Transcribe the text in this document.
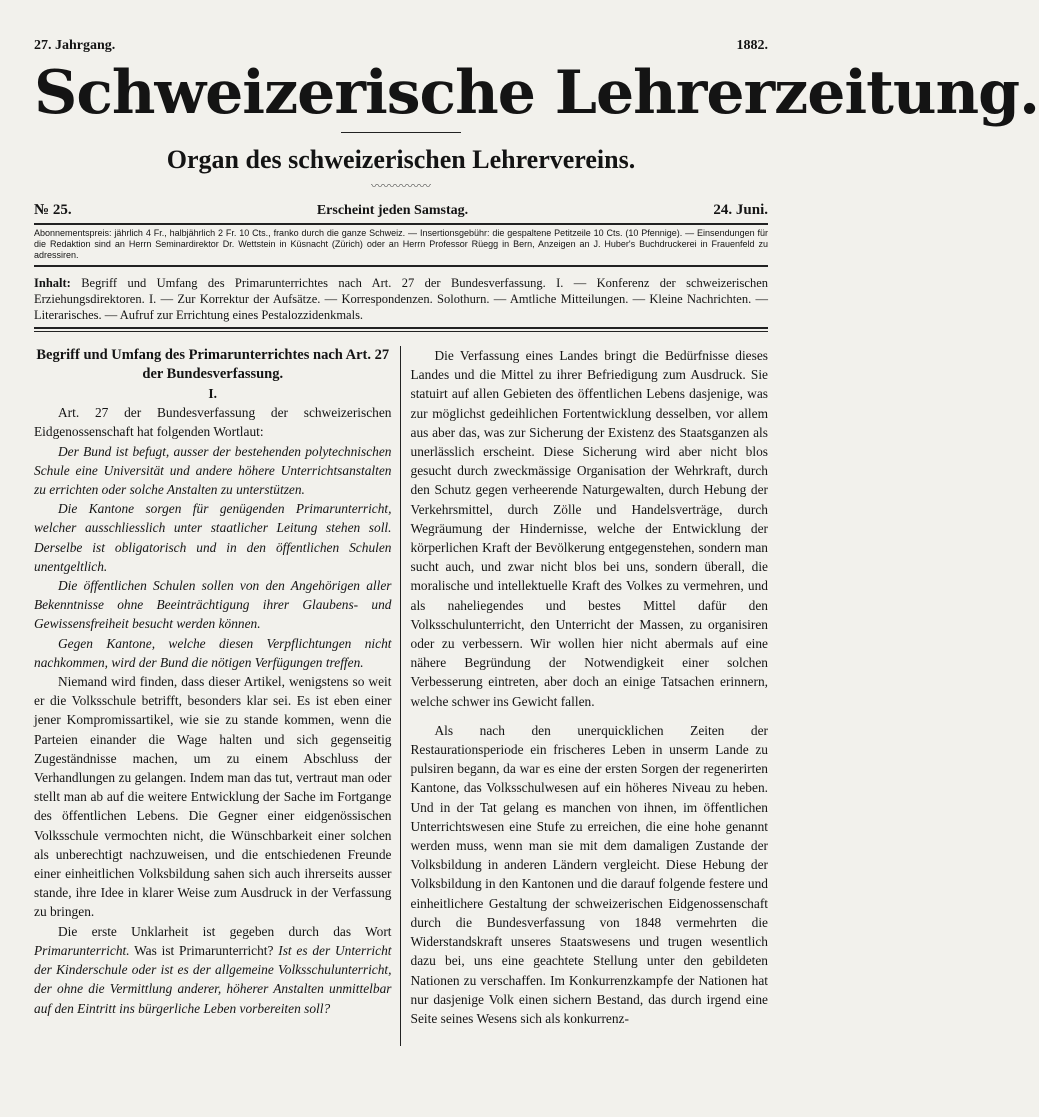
27. Jahrgang.	1882.
Schweizerische Lehrerzeitung.
Organ des schweizerischen Lehrervereins.
〰〰〰〰〰
№ 25.	Erscheint jeden Samstag.	24. Juni.
Abonnementspreis: jährlich 4 Fr., halbjährlich 2 Fr. 10 Cts., franko durch die ganze Schweiz. — Insertionsgebühr: die gespaltene Petitzeile 10 Cts. (10 Pfennige). — Einsendungen für die Redaktion sind an Herrn Seminardirektor Dr. Wettstein in Küsnacht (Zürich) oder an Herrn Professor Rüegg in Bern, Anzeigen an J. Huber's Buchdruckerei in Frauenfeld zu adressiren.
Inhalt: Begriff und Umfang des Primarunterrichtes nach Art. 27 der Bundesverfassung. I. — Konferenz der schweizerischen Erziehungsdirektoren. I. — Zur Korrektur der Aufsätze. — Korrespondenzen. Solothurn. — Amtliche Mitteilungen. — Kleine Nachrichten. — Literarisches. — Aufruf zur Errichtung eines Pestalozzidenkmals.
Begriff und Umfang des Primarunterrichtes nach Art. 27 der Bundesverfassung.
I.

Art. 27 der Bundesverfassung der schweizerischen Eidgenossenschaft hat folgenden Wortlaut:

Der Bund ist befugt, ausser der bestehenden polytechnischen Schule eine Universität und andere höhere Unterrichtsanstalten zu errichten oder solche Anstalten zu unterstützen.

Die Kantone sorgen für genügenden Primarunterricht, welcher ausschliesslich unter staatlicher Leitung stehen soll. Derselbe ist obligatorisch und in den öffentlichen Schulen unentgeltlich.

Die öffentlichen Schulen sollen von den Angehörigen aller Bekenntnisse ohne Beeinträchtigung ihrer Glaubens- und Gewissensfreiheit besucht werden können.

Gegen Kantone, welche diesen Verpflichtungen nicht nachkommen, wird der Bund die nötigen Verfügungen treffen.

Niemand wird finden, dass dieser Artikel, wenigstens so weit er die Volksschule betrifft, besonders klar sei. Es ist eben einer jener Kompromissartikel, wie sie zu stande kommen, wenn die Parteien einander die Wage halten und sich gegenseitig Zugeständnisse machen, um zu einem Abschluss der Verhandlungen zu gelangen. Indem man das tut, vertraut man oder stellt man ab auf die weitere Entwicklung der Sache im Fortgange des öffentlichen Lebens. Die Gegner einer eidgenössischen Volksschule vermochten nicht, die Wünschbarkeit einer solchen als unberechtigt nachzuweisen, und die entschiedenen Freunde einer einheitlichen Volksbildung sahen sich auch ihrerseits ausser stande, ihre Idee in klarer Weise zum Ausdruck in der Verfassung zu bringen.

Die erste Unklarheit ist gegeben durch das Wort Primarunterricht. Was ist Primarunterricht? Ist es der Unterricht der Kinderschule oder ist es der allgemeine Volksschulunterricht, der ohne die Vermittlung anderer, höherer Anstalten unmittelbar auf den Eintritt ins bürgerliche Leben vorbereiten soll?

Die Verfassung eines Landes bringt die Bedürfnisse dieses Landes und die Mittel zu ihrer Befriedigung zum Ausdruck. Sie statuirt auf allen Gebieten des öffentlichen Lebens dasjenige, was zur möglichst gedeihlichen Fortentwicklung desselben, vor allem aus aber das, was zur Sicherung der Existenz des Staatsganzen als unerlässlich erscheint. Diese Sicherung wird aber nicht blos gesucht durch zweckmässige Organisation der Wehrkraft, durch den Schutz gegen verheerende Naturgewalten, durch Hebung der Verkehrsmittel, durch Zölle und Handelsverträge, durch Wegräumung der Hindernisse, welche der Entwicklung der körperlichen Kraft der Bevölkerung entgegenstehen, sondern man sucht auch, und zwar nicht blos bei uns, sondern überall, die moralische und intellektuelle Kraft des Volkes zu vermehren, und als naheliegendes und bestes Mittel dafür den Volksschulunterricht, den Unterricht der Massen, zu organisiren oder zu verbessern. Wir wollen hier nicht abermals auf eine nähere Begründung der Notwendigkeit einer solchen Verbesserung eintreten, aber doch an einige Tatsachen erinnern, welche schwer ins Gewicht fallen.

Als nach den unerquicklichen Zeiten der Restaurationsperiode ein frischeres Leben in unserm Lande zu pulsiren begann, da war es eine der ersten Sorgen der regenerirten Kantone, das Volksschulwesen auf ein höheres Niveau zu heben. Und in der Tat gelang es manchen von ihnen, im öffentlichen Unterrichtswesen eine Stufe zu erreichen, die eine hohe genannt werden muss, wenn man sie mit dem damaligen Zustande der Volksbildung in anderen Ländern vergleicht. Diese Hebung der Volksbildung in den Kantonen und die darauf folgende festere und einheitlichere Gestaltung der schweizerischen Eidgenossenschaft durch die Bundesverfassung von 1848 vermehrten die Widerstandskraft unseres Staatswesens und trugen wesentlich dazu bei, uns eine geachtete Stellung unter den gebildeten Nationen zu verschaffen. Im Konkurrenzkampfe der Nationen hat nur dasjenige Volk einen sichern Bestand, das durch irgend eine Seite seines Wesens sich als konkurrenz-
